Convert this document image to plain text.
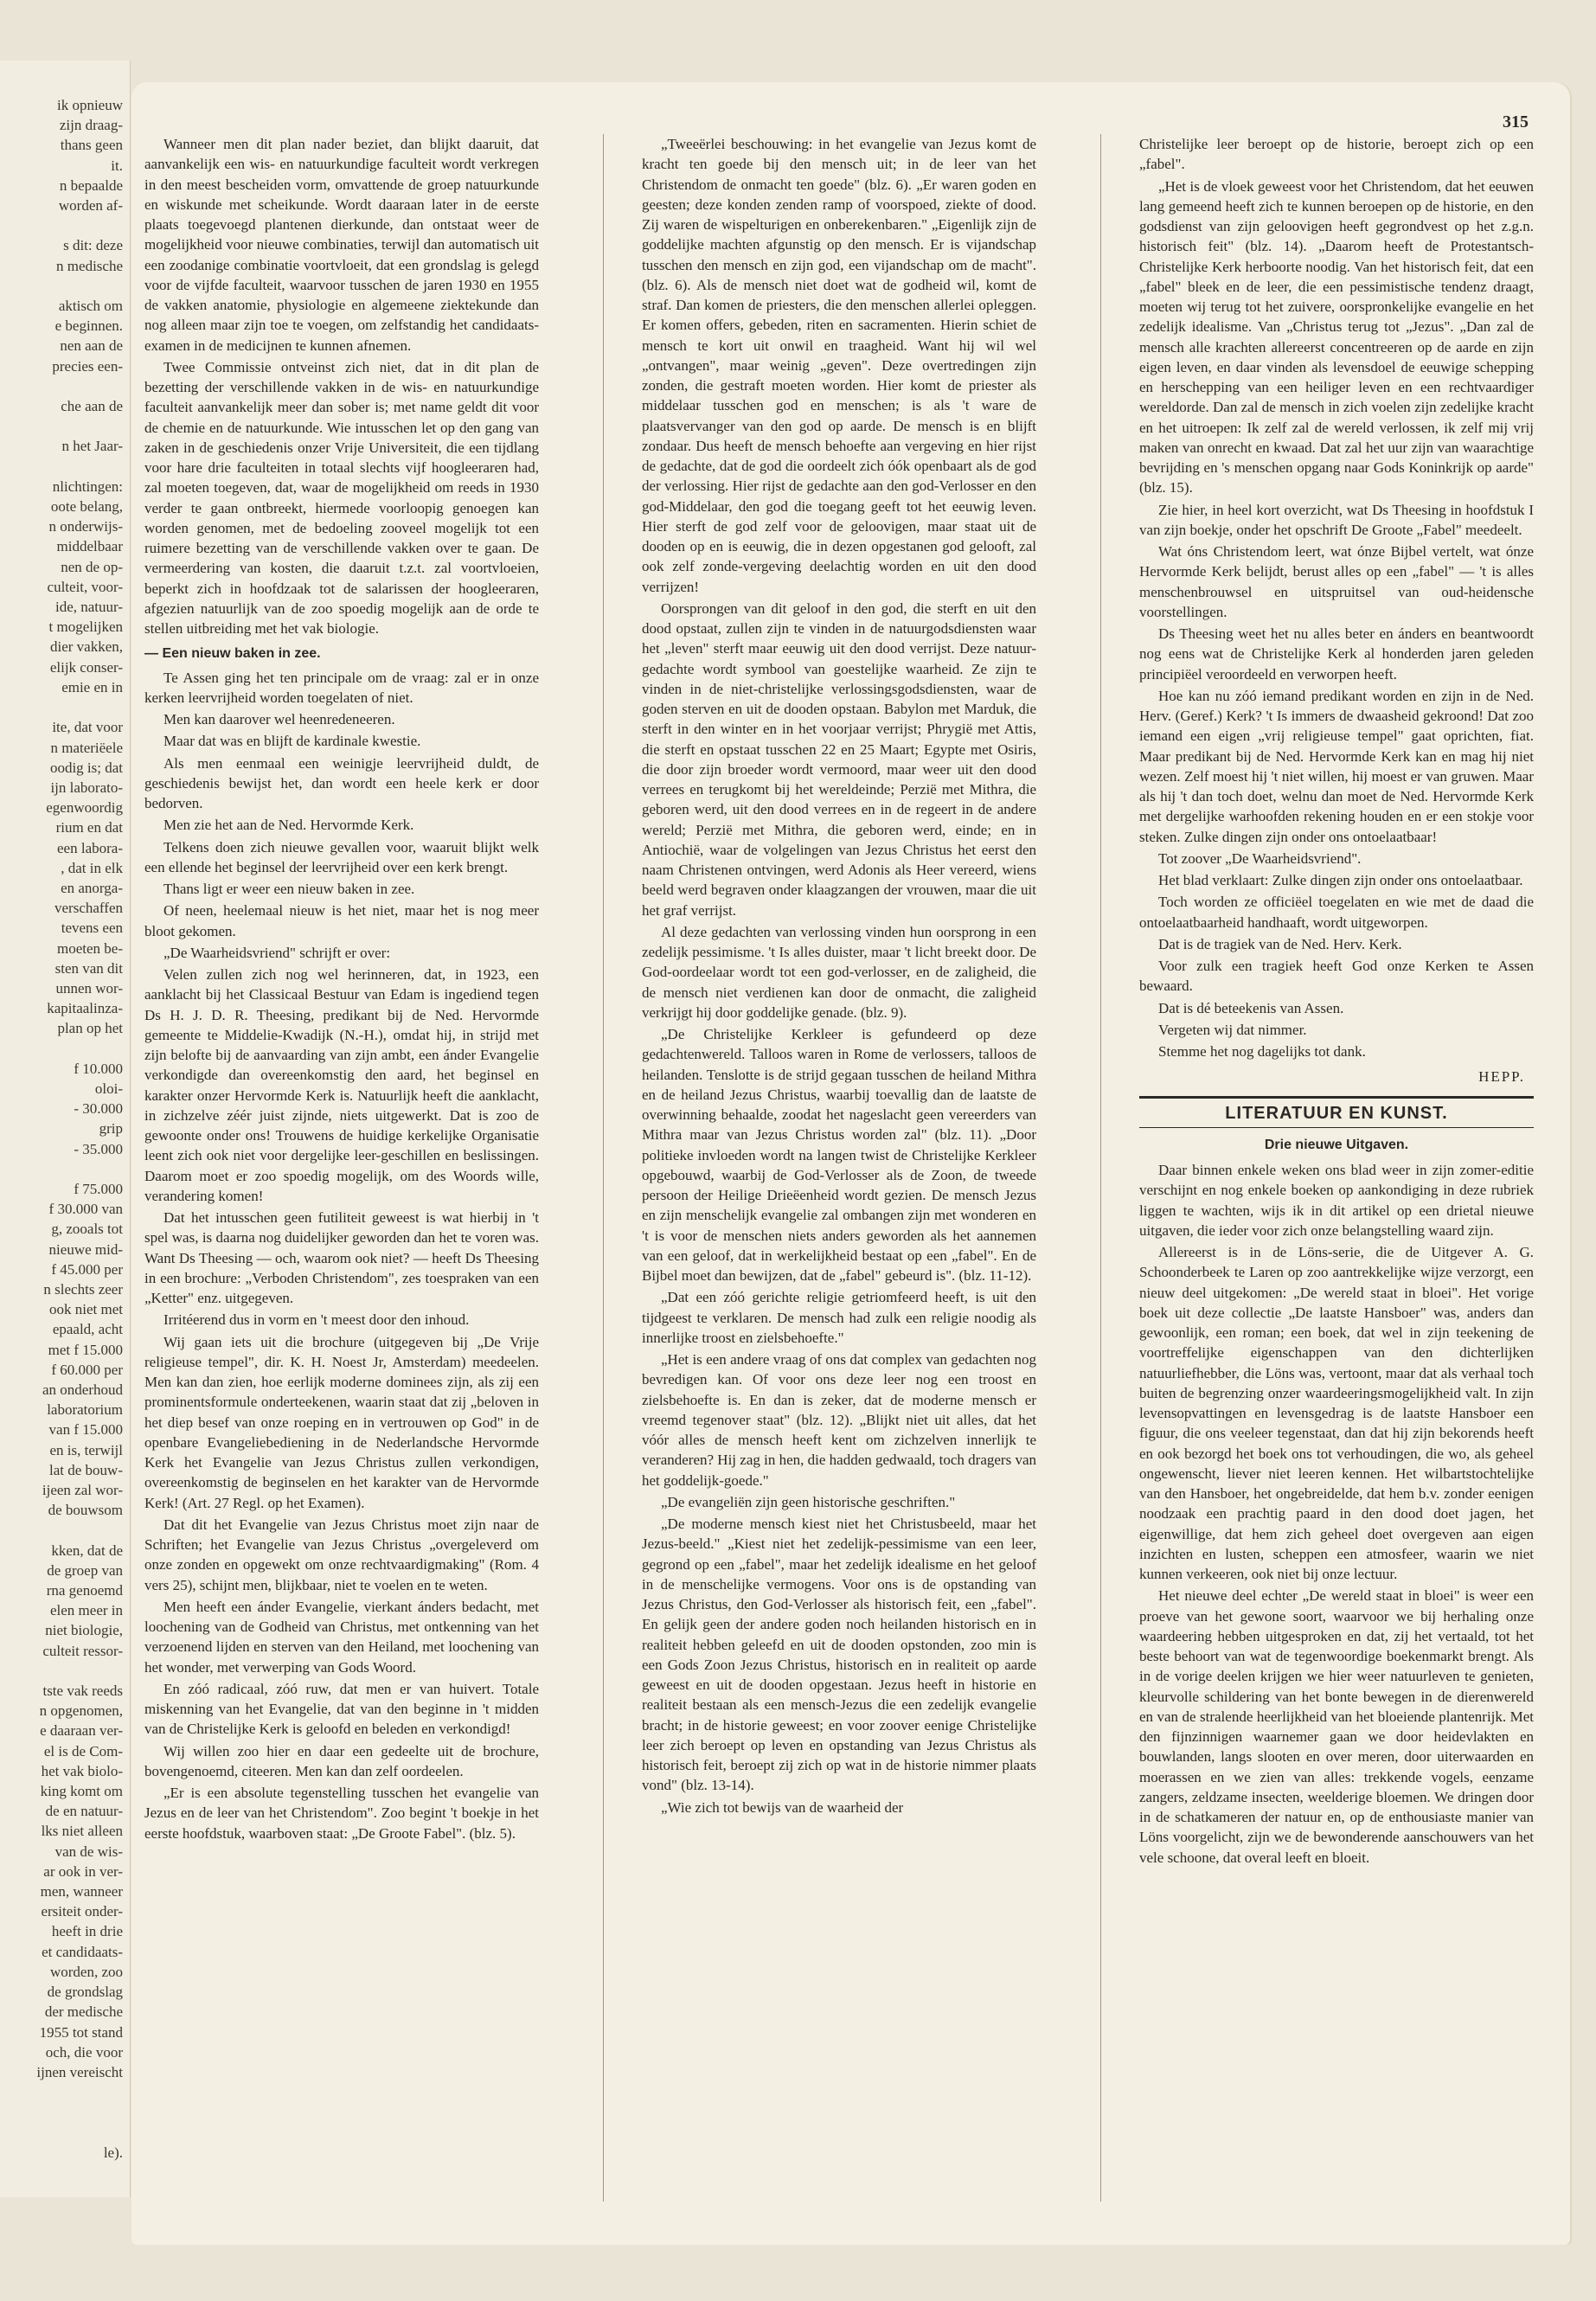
ik opnieuw

zijn draag-

thans geen

it.

n bepaalde

worden af-

s dit: deze

n medische

aktisch om

e beginnen.

nen aan de

precies een-

che aan de

n het Jaar-

nlichtingen:

oote belang,

n onderwijs-

middelbaar

nen de op-

culteit, voor-

ide, natuur-

t mogelijken

dier vakken,

elijk conser-

emie en in

ite, dat voor

n materiëele

oodig is; dat

ijn laborato-

egenwoordig

rium en dat

een labora-

, dat in elk

en anorga-

verschaffen

tevens een

moeten be-

sten van dit

unnen wor-

kapitaalinza-

plan op het

f 10.000

oloi-

- 30.000

grip

- 35.000

f 75.000

f 30.000 van

g, zooals tot

nieuwe mid-

f 45.000 per

n slechts zeer

ook niet met

epaald, acht

met f 15.000

f 60.000 per

an onderhoud

laboratorium

van f 15.000

en is, terwijl

lat de bouw-

ijeen zal wor-

de bouwsom

kken, dat de

de groep van

rna genoemd

elen meer in

niet biologie,

culteit ressor-

tste vak reeds

n opgenomen,

e daaraan ver-

el is de Com-

het vak biolo-

king komt om

de en natuur-

lks niet alleen

van de wis-

ar ook in ver-

men, wanneer

ersiteit onder-

heeft in drie

et candidaats-

worden, zoo

de grondslag

der medische

1955 tot stand

och, die voor

ijnen vereischt

le).

315

Wanneer men dit plan nader beziet, dan blijkt daaruit, dat aanvankelijk een wis- en natuurkundige faculteit wordt verkregen in den meest bescheiden vorm, omvattende de groep natuurkunde en wiskunde met scheikunde. Wordt daaraan later in de eerste plaats toegevoegd plantenen dierkunde, dan ontstaat weer de mogelijkheid voor nieuwe combinaties, terwijl dan automatisch uit een zoodanige combinatie voortvloeit, dat een grondslag is gelegd voor de vijfde faculteit, waarvoor tusschen de jaren 1930 en 1955 de vakken anatomie, physiologie en algemeene ziektekunde dan nog alleen maar zijn toe te voegen, om zelfstandig het candidaats-examen in de medicijnen te kunnen afnemen.

Twee Commissie ontveinst zich niet, dat in dit plan de bezetting der verschillende vakken in de wis- en natuurkundige faculteit aanvankelijk meer dan sober is; met name geldt dit voor de chemie en de natuurkunde. Wie intusschen let op den gang van zaken in de geschiedenis onzer Vrije Universiteit, die een tijdlang voor hare drie faculteiten in totaal slechts vijf hoogleeraren had, zal moeten toegeven, dat, waar de mogelijkheid om reeds in 1930 verder te gaan ontbreekt, hiermede voorloopig genoegen kan worden genomen, met de bedoeling zooveel mogelijk tot een ruimere bezetting van de verschillende vakken over te gaan. De vermeerdering van kosten, die daaruit t.z.t. zal voortvloeien, beperkt zich in hoofdzaak tot de salarissen der hoogleeraren, afgezien natuurlijk van de zoo spoedig mogelijk aan de orde te stellen uitbreiding met het vak biologie.

— Een nieuw baken in zee.

Te Assen ging het ten principale om de vraag: zal er in onze kerken leervrijheid worden toegelaten of niet.

Men kan daarover wel heenredeneeren.

Maar dat was en blijft de kardinale kwestie.

Als men eenmaal een weinigje leervrijheid duldt, de geschiedenis bewijst het, dan wordt een heele kerk er door bedorven.

Men zie het aan de Ned. Hervormde Kerk.

Telkens doen zich nieuwe gevallen voor, waaruit blijkt welk een ellende het beginsel der leervrijheid over een kerk brengt.

Thans ligt er weer een nieuw baken in zee.

Of neen, heelemaal nieuw is het niet, maar het is nog meer bloot gekomen.

„De Waarheidsvriend" schrijft er over:

Velen zullen zich nog wel herinneren, dat, in 1923, een aanklacht bij het Classicaal Bestuur van Edam is ingediend tegen Ds H. J. D. R. Theesing, predikant bij de Ned. Hervormde gemeente te Middelie-Kwadijk (N.-H.), omdat hij, in strijd met zijn belofte bij de aanvaarding van zijn ambt, een ánder Evangelie verkondigde dan overeenkomstig den aard, het beginsel en karakter onzer Hervormde Kerk is. Natuurlijk heeft die aanklacht, in zichzelve zéér juist zijnde, niets uitgewerkt. Dat is zoo de gewoonte onder ons! Trouwens de huidige kerkelijke Organisatie leent zich ook niet voor dergelijke leer-geschillen en beslissingen. Daarom moet er zoo spoedig mogelijk, om des Woords wille, verandering komen!

Dat het intusschen geen futiliteit geweest is wat hierbij in 't spel was, is daarna nog duidelijker geworden dan het te voren was. Want Ds Theesing — och, waarom ook niet? — heeft Ds Theesing in een brochure: „Verboden Christendom", zes toespraken van een „Ketter" enz. uitgegeven.

Irritéerend dus in vorm en 't meest door den inhoud.

Wij gaan iets uit die brochure (uitgegeven bij „De Vrije religieuse tempel", dir. K. H. Noest Jr, Amsterdam) meedeelen. Men kan dan zien, hoe eerlijk moderne dominees zijn, als zij een prominentsformule onderteekenen, waarin staat dat zij „beloven in het diep besef van onze roeping en in vertrouwen op God" in de openbare Evangeliebediening in de Nederlandsche Hervormde Kerk het Evangelie van Jezus Christus zullen verkondigen, overeenkomstig de beginselen en het karakter van de Hervormde Kerk! (Art. 27 Regl. op het Examen).

Dat dit het Evangelie van Jezus Christus moet zijn naar de Schriften; het Evangelie van Jezus Christus „overgeleverd om onze zonden en opgewekt om onze rechtvaardigmaking" (Rom. 4 vers 25), schijnt men, blijkbaar, niet te voelen en te weten.

Men heeft een ánder Evangelie, vierkant ánders bedacht, met loochening van de Godheid van Christus, met ontkenning van het verzoenend lijden en sterven van den Heiland, met loochening van het wonder, met verwerping van Gods Woord.

En zóó radicaal, zóó ruw, dat men er van huivert. Totale miskenning van het Evangelie, dat van den beginne in 't midden van de Christelijke Kerk is geloofd en beleden en verkondigd!

Wij willen zoo hier en daar een gedeelte uit de brochure, bovengenoemd, citeeren. Men kan dan zelf oordeelen.

„Er is een absolute tegenstelling tusschen het evangelie van Jezus en de leer van het Christendom". Zoo begint 't boekje in het eerste hoofdstuk, waarboven staat: „De Groote Fabel". (blz. 5).

„Tweeërlei beschouwing: in het evangelie van Jezus komt de kracht ten goede bij den mensch uit; in de leer van het Christendom de onmacht ten goede" (blz. 6). „Er waren goden en geesten; deze konden zenden ramp of voorspoed, ziekte of dood. Zij waren de wispelturigen en onberekenbaren." „Eigenlijk zijn de goddelijke machten afgunstig op den mensch. Er is vijandschap tusschen den mensch en zijn god, een vijandschap om de macht". (blz. 6). Als de mensch niet doet wat de godheid wil, komt de straf. Dan komen de priesters, die den menschen allerlei opleggen. Er komen offers, gebeden, riten en sacramenten. Hierin schiet de mensch te kort uit onwil en traagheid. Want hij wil wel „ontvangen", maar weinig „geven". Deze overtredingen zijn zonden, die gestraft moeten worden. Hier komt de priester als middelaar tusschen god en menschen; is als 't ware de plaatsvervanger van den god op aarde. De mensch is en blijft zondaar. Dus heeft de mensch behoefte aan vergeving en hier rijst de gedachte, dat de god die oordeelt zich óók openbaart als de god der verlossing. Hier rijst de gedachte aan den god-Verlosser en den god-Middelaar, den god die toegang geeft tot het eeuwig leven. Hier sterft de god zelf voor de geloovigen, maar staat uit de dooden op en is eeuwig, die in dezen opgestanen god gelooft, zal ook zelf zonde-vergeving deelachtig worden en uit den dood verrijzen!

Oorsprongen van dit geloof in den god, die sterft en uit den dood opstaat, zullen zijn te vinden in de natuurgodsdiensten waar het „leven" sterft maar eeuwig uit den dood verrijst. Deze natuur-gedachte wordt symbool van goestelijke waarheid. Ze zijn te vinden in de niet-christelijke verlossingsgodsdiensten, waar de goden sterven en uit de dooden opstaan. Babylon met Marduk, die sterft in den winter en in het voorjaar verrijst; Phrygië met Attis, die sterft en opstaat tusschen 22 en 25 Maart; Egypte met Osiris, die door zijn broeder wordt vermoord, maar weer uit den dood verrees en terugkomt bij het wereldeinde; Perzië met Mithra, die geboren werd, uit den dood verrees en in de regeert in de andere wereld; Perzië met Mithra, die geboren werd, einde; en in Antiochië, waar de volgelingen van Jezus Christus het eerst den naam Christenen ontvingen, werd Adonis als Heer vereerd, wiens beeld werd begraven onder klaagzangen der vrouwen, maar die uit het graf verrijst.

Al deze gedachten van verlossing vinden hun oorsprong in een zedelijk pessimisme. 't Is alles duister, maar 't licht breekt door. De God-oordeelaar wordt tot een god-verlosser, en de zaligheid, die de mensch niet verdienen kan door de onmacht, die zaligheid verkrijgt hij door goddelijke genade. (blz. 9).

„De Christelijke Kerkleer is gefundeerd op deze gedachtenwereld. Talloos waren in Rome de verlossers, talloos de heilanden. Tenslotte is de strijd gegaan tusschen de heiland Mithra en de heiland Jezus Christus, waarbij toevallig dan de laatste de overwinning behaalde, zoodat het nageslacht geen vereerders van Mithra maar van Jezus Christus worden zal" (blz. 11). „Door politieke invloeden wordt na langen twist de Christelijke Kerkleer opgebouwd, waarbij de God-Verlosser als de Zoon, de tweede persoon der Heilige Drieëenheid wordt gezien. De mensch Jezus en zijn menschelijk evangelie zal ombangen zijn met wonderen en 't is voor de menschen niets anders geworden als het aannemen van een geloof, dat in werkelijkheid bestaat op een „fabel". En de Bijbel moet dan bewijzen, dat de „fabel" gebeurd is". (blz. 11-12).

„Dat een zóó gerichte religie getriomfeerd heeft, is uit den tijdgeest te verklaren. De mensch had zulk een religie noodig als innerlijke troost en zielsbehoefte."

„Het is een andere vraag of ons dat complex van gedachten nog bevredigen kan. Of voor ons deze leer nog een troost en zielsbehoefte is. En dan is zeker, dat de moderne mensch er vreemd tegenover staat" (blz. 12). „Blijkt niet uit alles, dat het vóór alles de mensch heeft kent om zichzelven innerlijk te veranderen? Hij zag in hen, die hadden gedwaald, toch dragers van het goddelijk-goede."

„De evangeliën zijn geen historische geschriften."

„De moderne mensch kiest niet het Christusbeeld, maar het Jezus-beeld." „Kiest niet het zedelijk-pessimisme van een leer, gegrond op een „fabel", maar het zedelijk idealisme en het geloof in de menschelijke vermogens. Voor ons is de opstanding van Jezus Christus, den God-Verlosser als historisch feit, een „fabel". En gelijk geen der andere goden noch heilanden historisch en in realiteit hebben geleefd en uit de dooden opstonden, zoo min is een Gods Zoon Jezus Christus, historisch en in realiteit op aarde geweest en uit de dooden opgestaan. Jezus heeft in historie en realiteit bestaan als een mensch-Jezus die een zedelijk evangelie bracht; in de historie geweest; en voor zoover eenige Christelijke leer zich beroept op leven en opstanding van Jezus Christus als historisch feit, beroept zij zich op wat in de historie nimmer plaats vond" (blz. 13-14).

„Wie zich tot bewijs van de waarheid der

Christelijke leer beroept op de historie, beroept zich op een „fabel".

„Het is de vloek geweest voor het Christendom, dat het eeuwen lang gemeend heeft zich te kunnen beroepen op de historie, en den godsdienst van zijn geloovigen heeft gegrondvest op het z.g.n. historisch feit" (blz. 14). „Daarom heeft de Protestantsch-Christelijke Kerk herboorte noodig. Van het historisch feit, dat een „fabel" bleek en de leer, die een pessimistische tendenz draagt, moeten wij terug tot het zuivere, oorspronkelijke evangelie en het zedelijk idealisme. Van „Christus terug tot „Jezus". „Dan zal de mensch alle krachten allereerst concentreeren op de aarde en zijn eigen leven, en daar vinden als levensdoel de eeuwige schepping en herschepping van een heiliger leven en een rechtvaardiger wereldorde. Dan zal de mensch in zich voelen zijn zedelijke kracht en het uitroepen: Ik zelf zal de wereld verlossen, ik zelf mij vrij maken van onrecht en kwaad. Dat zal het uur zijn van waarachtige bevrijding en 's menschen opgang naar Gods Koninkrijk op aarde" (blz. 15).

Zie hier, in heel kort overzicht, wat Ds Theesing in hoofdstuk I van zijn boekje, onder het opschrift De Groote „Fabel" meedeelt.

Wat óns Christendom leert, wat ónze Bijbel vertelt, wat ónze Hervormde Kerk belijdt, berust alles op een „fabel" — 't is alles menschenbrouwsel en uitspruitsel van oud-heidensche voorstellingen.

Ds Theesing weet het nu alles beter en ánders en beantwoordt nog eens wat de Christelijke Kerk al honderden jaren geleden principiëel veroordeeld en verworpen heeft.

Hoe kan nu zóó iemand predikant worden en zijn in de Ned. Herv. (Geref.) Kerk? 't Is immers de dwaasheid gekroond! Dat zoo iemand een eigen „vrij religieuse tempel" gaat oprichten, fiat. Maar predikant bij de Ned. Hervormde Kerk kan en mag hij niet wezen. Zelf moest hij 't niet willen, hij moest er van gruwen. Maar als hij 't dan toch doet, welnu dan moet de Ned. Hervormde Kerk met dergelijke warhoofden rekening houden en er een stokje voor steken. Zulke dingen zijn onder ons ontoelaatbaar!

Tot zoover „De Waarheidsvriend".

Het blad verklaart: Zulke dingen zijn onder ons ontoelaatbaar.

Toch worden ze officiëel toegelaten en wie met de daad die ontoelaatbaarheid handhaaft, wordt uitgeworpen.

Dat is de tragiek van de Ned. Herv. Kerk.

Voor zulk een tragiek heeft God onze Kerken te Assen bewaard.

Dat is dé beteekenis van Assen.

Vergeten wij dat nimmer.

Stemme het nog dagelijks tot dank.

HEPP.
LITERATUUR EN KUNST.
Drie nieuwe Uitgaven.

Daar binnen enkele weken ons blad weer in zijn zomer-editie verschijnt en nog enkele boeken op aankondiging in deze rubriek liggen te wachten, wijs ik in dit artikel op een drietal nieuwe uitgaven, die ieder voor zich onze belangstelling waard zijn.

Allereerst is in de Löns-serie, die de Uitgever A. G. Schoonderbeek te Laren op zoo aantrekkelijke wijze verzorgt, een nieuw deel uitgekomen: „De wereld staat in bloei". Het vorige boek uit deze collectie „De laatste Hansboer" was, anders dan gewoonlijk, een roman; een boek, dat wel in zijn teekening de voortreffelijke eigenschappen van den dichterlijken natuurliefhebber, die Löns was, vertoont, maar dat als verhaal toch buiten de begrenzing onzer waardeeringsmogelijkheid valt. In zijn levensopvattingen en levensgedrag is de laatste Hansboer een figuur, die ons veeleer tegenstaat, dan dat hij zijn bekorends heeft en ook bezorgd het boek ons tot verhoudingen, die wo, als geheel ongewenscht, liever niet leeren kennen. Het wilbartstochtelijke van den Hansboer, het ongebreidelde, dat hem b.v. zonder eenigen noodzaak een prachtig paard in den dood doet jagen, het eigenwillige, dat hem zich geheel doet overgeven aan eigen inzichten en lusten, scheppen een atmosfeer, waarin we niet kunnen verkeeren, ook niet bij onze lectuur.

Het nieuwe deel echter „De wereld staat in bloei" is weer een proeve van het gewone soort, waarvoor we bij herhaling onze waardeering hebben uitgesproken en dat, zij het vertaald, tot het beste behoort van wat de tegenwoordige boekenmarkt brengt. Als in de vorige deelen krijgen we hier weer natuurleven te genieten, kleurvolle schildering van het bonte bewegen in de dierenwereld en van de stralende heerlijkheid van het bloeiende plantenrijk. Met den fijnzinnigen waarnemer gaan we door heidevlakten en bouwlanden, langs slooten en over meren, door uiterwaarden en moerassen en we zien van alles: trekkende vogels, eenzame zangers, zeldzame insecten, weelderige bloemen. We dringen door in de schatkameren der natuur en, op de enthousiaste manier van Löns voorgelicht, zijn we de bewonderende aanschouwers van het vele schoone, dat overal leeft en bloeit.
